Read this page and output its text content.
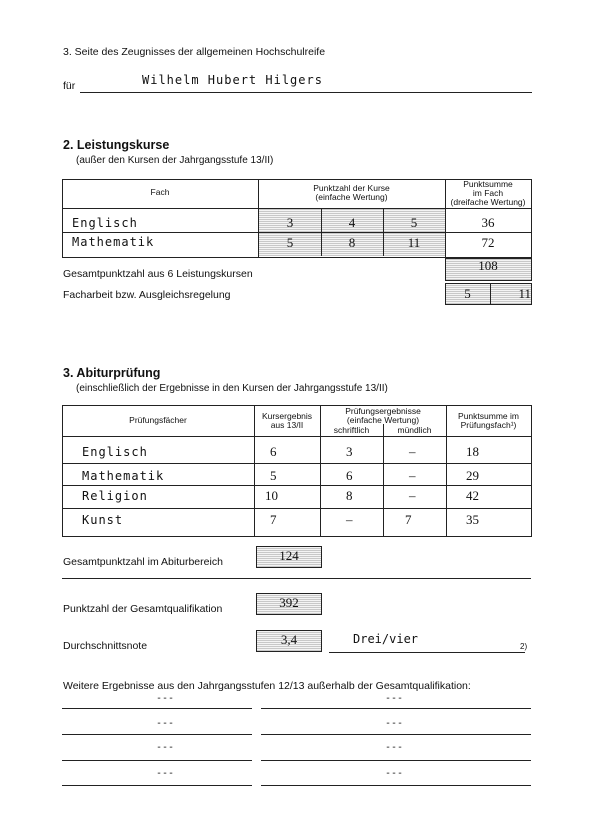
3. Seite des Zeugnisses der allgemeinen Hochschulreife
für	Wilhelm Hubert Hilgers
2. Leistungskurse
(außer den Kursen der Jahrgangsstufe 13/II)
Fach	Punktzahl der Kurse
(einfache Wertung)
Punktsumme
im Fach
(dreifache Wertung)
Englisch	3	4	5	36
Mathematik	5	8	11	72
Gesamtpunktzahl aus 6 Leistungskursen
108
Facharbeit bzw. Ausgleichsregelung	5	11
3. Abiturprüfung
(einschließlich der Ergebnisse in den Kursen der Jahrgangsstufe 13/II)
Prüfungsfächer	Kursergebnis
aus 13/II
Prüfungsergebnisse
(einfache Wertung)
schriftlich	mündlich
Punktsumme im
Prüfungsfach¹)
Englisch	6	3	–	18
Mathematik	5	6	–	29
Religion	10	8	–	42
Kunst	7	–	7	35
Gesamtpunktzahl im Abiturbereich	124
Punktzahl der Gesamtqualifikation	392
Durchschnittsnote	3,4	Drei/vier
2)
Weitere Ergebnisse aus den Jahrgangsstufen 12/13 außerhalb der Gesamtqualifikation:
---	---
---	---
---	---
---	---
